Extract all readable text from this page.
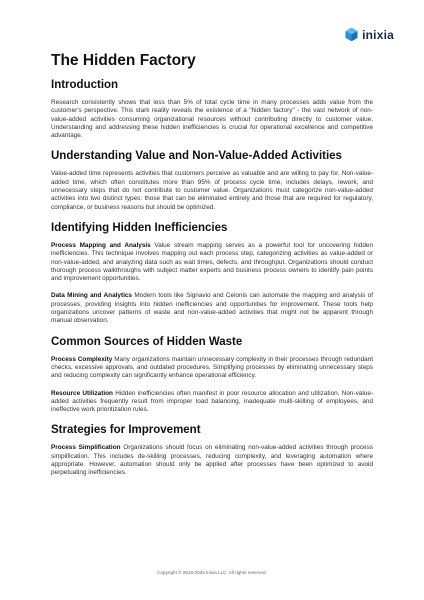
inixia
The Hidden Factory
Introduction

Research consistently shows that less than 5% of total cycle time in many processes adds value from the customer's perspective. This stark reality reveals the existence of a "hidden factory" - the vast network of non-value-added activities consuming organizational resources without contributing directly to customer value. Understanding and addressing these hidden inefficiencies is crucial for operational excellence and competitive advantage.

Understanding Value and Non-Value-Added Activities

Value-added time represents activities that customers perceive as valuable and are willing to pay for. Non-value-added time, which often constitutes more than 95% of process cycle time, includes delays, rework, and unnecessary steps that do not contribute to customer value. Organizations must categorize non-value-added activities into two distinct types: those that can be eliminated entirely and those that are required for regulatory, compliance, or business reasons but should be optimized.

Identifying Hidden Inefficiencies

Process Mapping and Analysis Value stream mapping serves as a powerful tool for uncovering hidden inefficiencies. This technique involves mapping out each process step, categorizing activities as value-added or non-value-added, and analyzing data such as wait times, defects, and throughput. Organizations should conduct thorough process walkthroughs with subject matter experts and business process owners to identify pain points and improvement opportunities.

Data Mining and Analytics Modern tools like Signavio and Celonis can automate the mapping and analysis of processes, providing insights into hidden inefficiencies and opportunities for improvement. These tools help organizations uncover patterns of waste and non-value-added activities that might not be apparent through manual observation.

Common Sources of Hidden Waste

Process Complexity Many organizations maintain unnecessary complexity in their processes through redundant checks, excessive approvals, and outdated procedures. Simplifying processes by eliminating unnecessary steps and reducing complexity can significantly enhance operational efficiency.

Resource Utilization Hidden inefficiencies often manifest in poor resource allocation and utilization. Non-value-added activities frequently result from improper load balancing, inadequate multi-skilling of employees, and ineffective work prioritization rules.

Strategies for Improvement

Process Simplification Organizations should focus on eliminating non-value-added activities through process simplification. This includes de-skilling processes, reducing complexity, and leveraging automation where appropriate. However, automation should only be applied after processes have been optimized to avoid perpetuating inefficiencies.

Copyright © 2016-2025 Inixia LLC. All rights reserved.
